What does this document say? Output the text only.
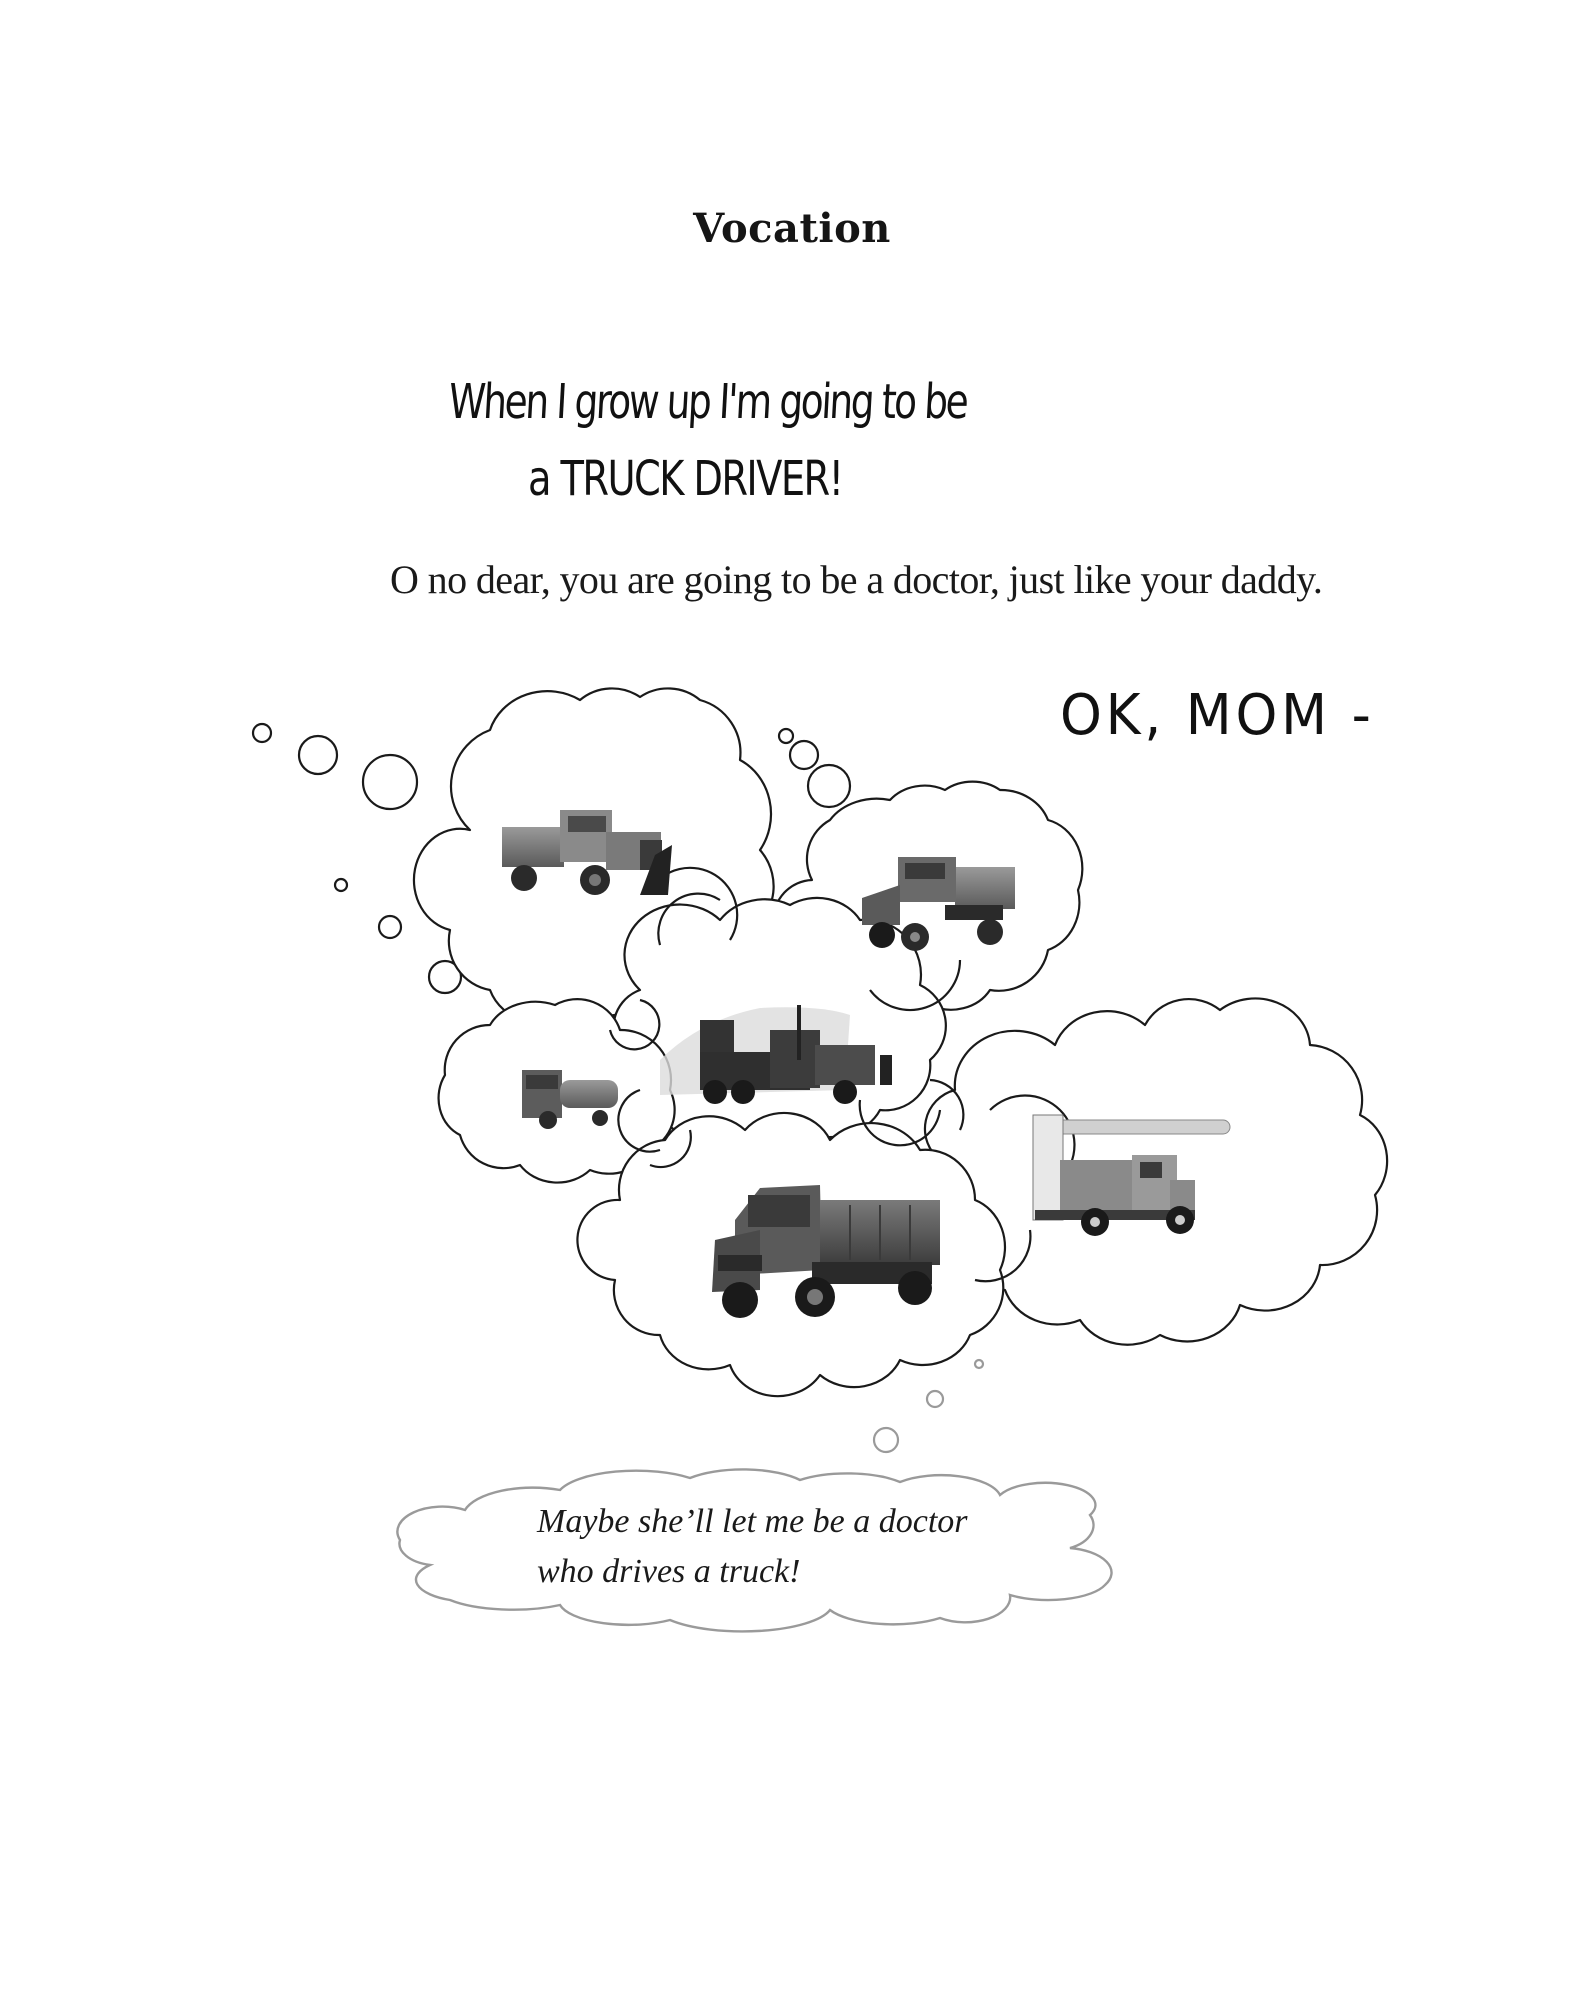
Vocation
When I grow up I'm going to be
a TRUCK DRIVER!
O no dear, you are going to be a doctor, just like your daddy.
OK, MOM -
Maybe she’ll let me be a doctor
who drives a truck!
